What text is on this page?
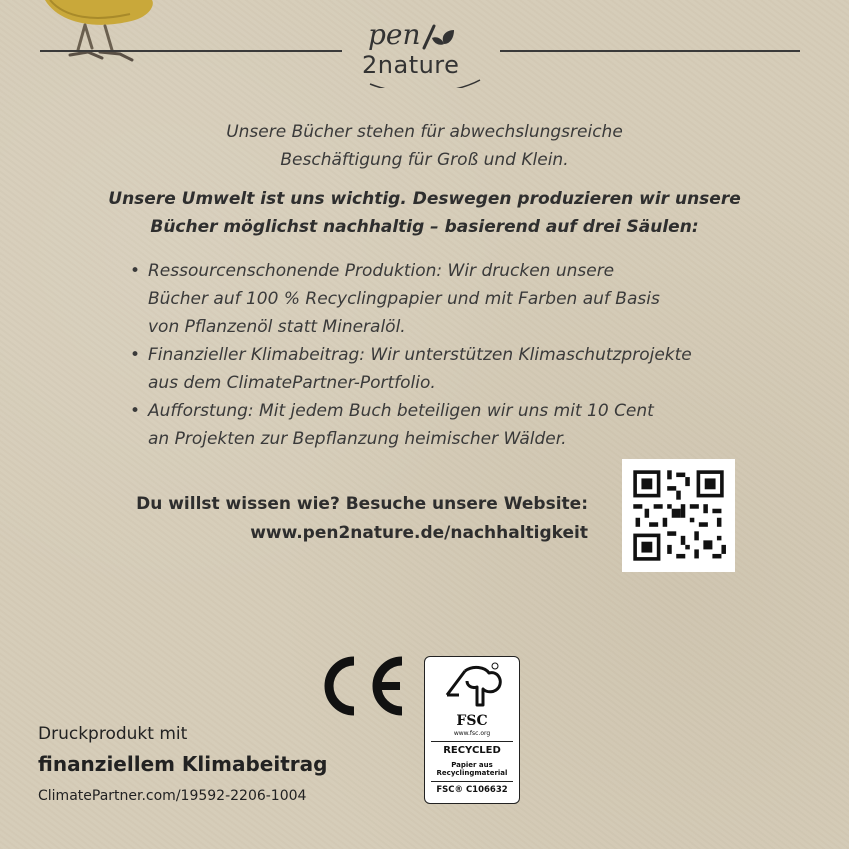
pen
2nature
Unsere Bücher stehen für abwechslungsreiche
Beschäftigung für Groß und Klein.
Unsere Umwelt ist uns wichtig. Deswegen produzieren wir unsere
Bücher möglichst nachhaltig – basierend auf drei Säulen:
• Ressourcenschonende Produktion: Wir drucken unsere
Bücher auf 100 % Recyclingpapier und mit Farben auf Basis
von Pflanzenöl statt Mineralöl.
• Finanzieller Klimabeitrag: Wir unterstützen Klimaschutzprojekte
aus dem ClimatePartner-Portfolio.
• Aufforstung: Mit jedem Buch beteiligen wir uns mit 10 Cent
an Projekten zur Bepflanzung heimischer Wälder.
Du willst wissen wie? Besuche unsere Website:
www.pen2nature.de/nachhaltigkeit
FSC
www.fsc.org
RECYCLED
Papier aus
Recyclingmaterial
FSC® C106632
Druckprodukt mit
finanziellem Klimabeitrag
ClimatePartner.com/19592-2206-1004
